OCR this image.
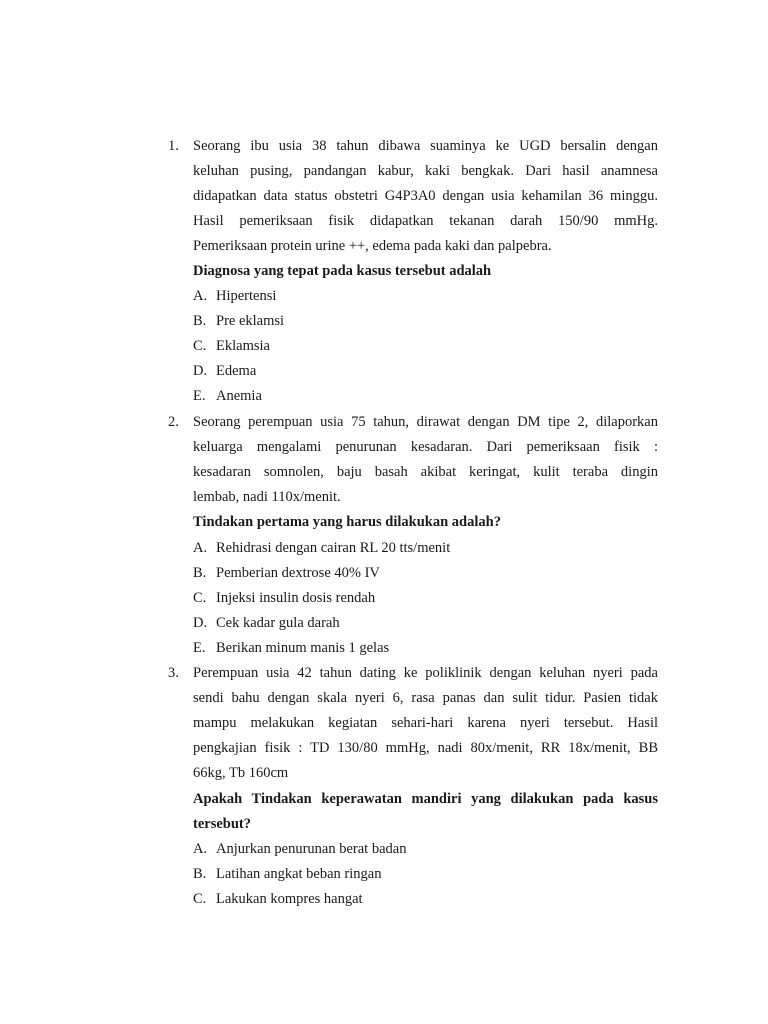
1. Seorang ibu usia 38 tahun dibawa suaminya ke UGD bersalin dengan
keluhan pusing, pandangan kabur, kaki bengkak. Dari hasil anamnesa
didapatkan data status obstetri G4P3A0 dengan usia kehamilan 36 minggu.
Hasil pemeriksaan fisik didapatkan tekanan darah 150/90 mmHg.
Pemeriksaan protein urine ++, edema pada kaki dan palpebra.
Diagnosa yang tepat pada kasus tersebut adalah
A. Hipertensi
B. Pre eklamsi
C. Eklamsia
D. Edema
E. Anemia
2. Seorang perempuan usia 75 tahun, dirawat dengan DM tipe 2, dilaporkan
keluarga mengalami penurunan kesadaran. Dari pemeriksaan fisik :
kesadaran somnolen, baju basah akibat keringat, kulit teraba dingin
lembab, nadi 110x/menit.
Tindakan pertama yang harus dilakukan adalah?
A. Rehidrasi dengan cairan RL 20 tts/menit
B. Pemberian dextrose 40% IV
C. Injeksi insulin dosis rendah
D. Cek kadar gula darah
E. Berikan minum manis 1 gelas
3. Perempuan usia 42 tahun dating ke poliklinik dengan keluhan nyeri pada
sendi bahu dengan skala nyeri 6, rasa panas dan sulit tidur. Pasien tidak
mampu melakukan kegiatan sehari-hari karena nyeri tersebut. Hasil
pengkajian fisik : TD 130/80 mmHg, nadi 80x/menit, RR 18x/menit, BB
66kg, Tb 160cm
Apakah Tindakan keperawatan mandiri yang dilakukan pada kasus
tersebut?
A. Anjurkan penurunan berat badan
B. Latihan angkat beban ringan
C. Lakukan kompres hangat
